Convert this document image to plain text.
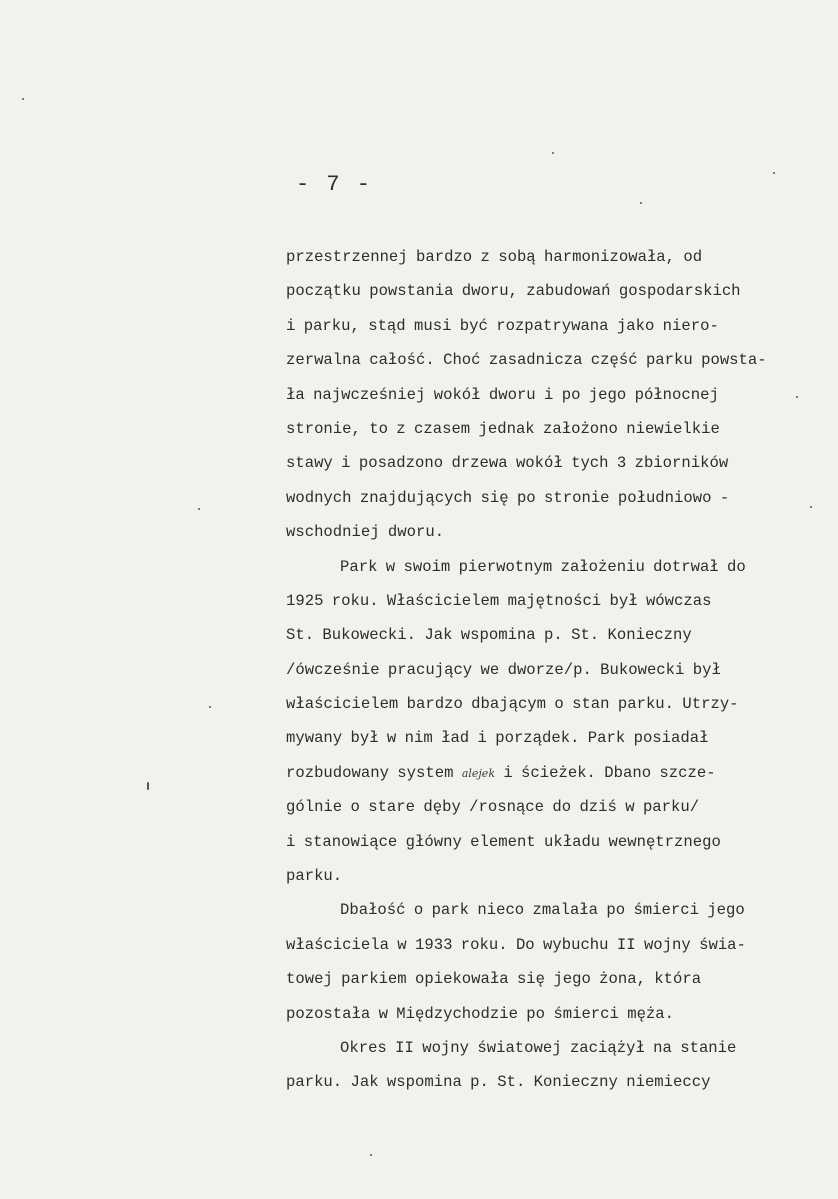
- 7 -
przestrzennej bardzo z sobą harmonizowała, od
początku powstania dworu, zabudowań gospodarskich
i parku, stąd musi być rozpatrywana jako niero-
zerwalna całość. Choć zasadnicza część parku powsta-
ła najwcześniej wokół dworu i po jego północnej
stronie, to z czasem jednak założono niewielkie
stawy i posadzono drzewa wokół tych 3 zbiorników
wodnych znajdujących się po stronie południowo -
wschodniej dworu.
Park w swoim pierwotnym założeniu dotrwał do
1925 roku. Właścicielem majętności był wówczas
St. Bukowecki. Jak wspomina p. St. Konieczny
/ówcześnie pracujący we dworze/p. Bukowecki był
właścicielem bardzo dbającym o stan parku. Utrzy-
mywany był w nim ład i porządek. Park posiadał
rozbudowany system alejek i ścieżek. Dbano szcze-
gólnie o stare dęby /rosnące do dziś w parku/
i stanowiące główny element układu wewnętrznego
parku.
Dbałość o park nieco zmalała po śmierci jego
właściciela w 1933 roku. Do wybuchu II wojny świa-
towej parkiem opiekowała się jego żona, która
pozostała w Międzychodzie po śmierci męża.
Okres II wojny światowej zaciążył na stanie
parku. Jak wspomina p. St. Konieczny niemieccy
